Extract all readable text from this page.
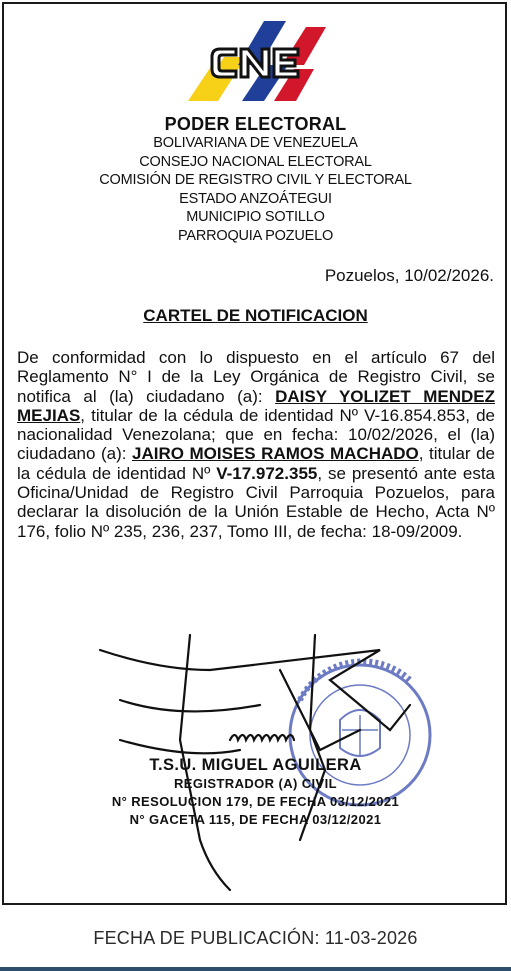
PODER ELECTORAL
BOLIVARIANA DE VENEZUELA
CONSEJO NACIONAL ELECTORAL
COMISIÓN DE REGISTRO CIVIL Y ELECTORAL
ESTADO ANZOÁTEGUI
MUNICIPIO SOTILLO
PARROQUIA POZUELO
Pozuelos, 10/02/2026.
CARTEL DE NOTIFICACION
De conformidad con lo dispuesto en el artículo 67 del Reglamento N° I de la Ley Orgánica de Registro Civil, se notifica al (la) ciudadano (a): DAISY YOLIZET MENDEZ MEJIAS, titular de la cédula de identidad Nº V-16.854.853, de nacionalidad Venezolana; que en fecha: 10/02/2026, el (la) ciudadano (a): JAIRO MOISES RAMOS MACHADO, titular de la cédula de identidad Nº V-17.972.355, se presentó ante esta Oficina/Unidad de Registro Civil Parroquia Pozuelos, para declarar la disolución de la Unión Estable de Hecho, Acta Nº 176, folio Nº 235, 236, 237, Tomo III, de fecha: 18-09/2009.
T.S.U. MIGUEL AGUILERA
REGISTRADOR (A) CIVIL
N° RESOLUCION 179, DE FECHA 03/12/2021
N° GACETA 115, DE FECHA 03/12/2021
FECHA DE PUBLICACIÓN: 11-03-2026
